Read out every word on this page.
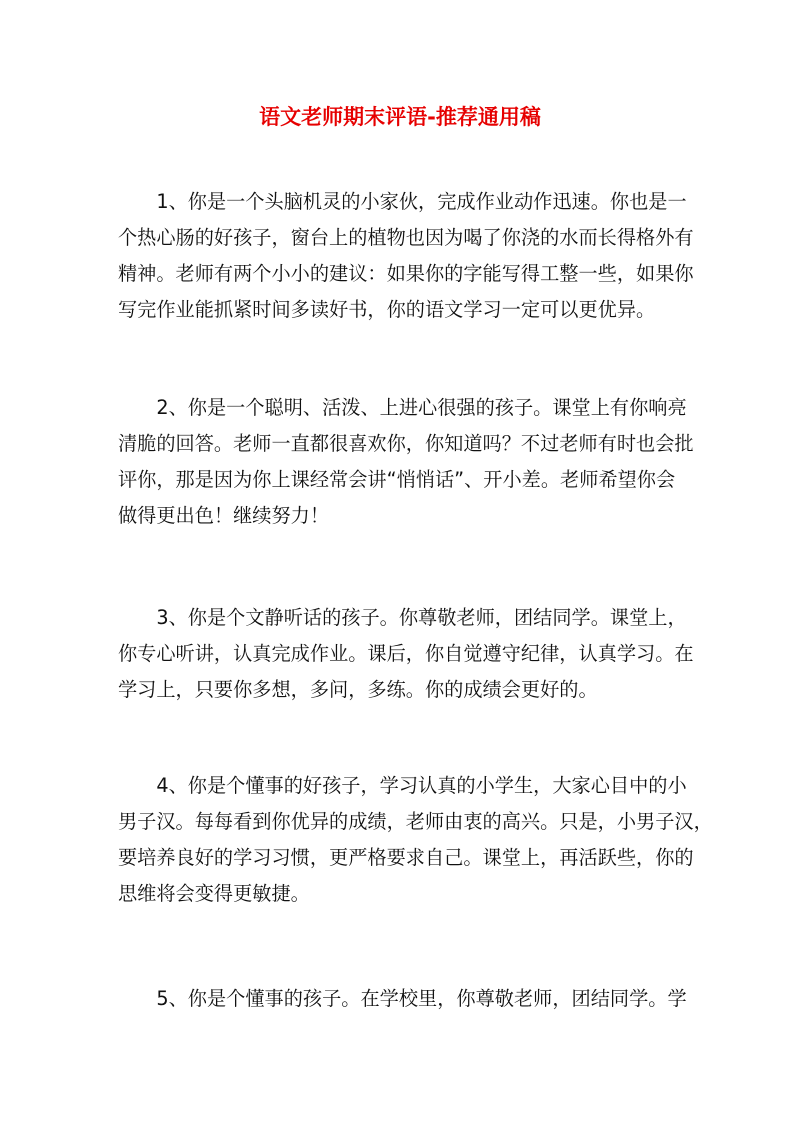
语文老师期末评语-推荐通用稿
　　1、你是一个头脑机灵的小家伙，完成作业动作迅速。你也是一
个热心肠的好孩子，窗台上的植物也因为喝了你浇的水而长得格外有
精神。老师有两个小小的建议：如果你的字能写得工整一些，如果你
写完作业能抓紧时间多读好书，你的语文学习一定可以更优异。
　　2、你是一个聪明、活泼、上进心很强的孩子。课堂上有你响亮
清脆的回答。老师一直都很喜欢你，你知道吗？不过老师有时也会批
评你，那是因为你上课经常会讲“悄悄话”、开小差。老师希望你会
做得更出色！继续努力！
　　3、你是个文静听话的孩子。你尊敬老师，团结同学。课堂上，
你专心听讲，认真完成作业。课后，你自觉遵守纪律，认真学习。在
学习上，只要你多想，多问，多练。你的成绩会更好的。
　　4、你是个懂事的好孩子，学习认真的小学生，大家心目中的小
男子汉。每每看到你优异的成绩，老师由衷的高兴。只是，小男子汉，
要培养良好的学习习惯，更严格要求自己。课堂上，再活跃些，你的
思维将会变得更敏捷。
　　5、你是个懂事的孩子。在学校里，你尊敬老师，团结同学。学
